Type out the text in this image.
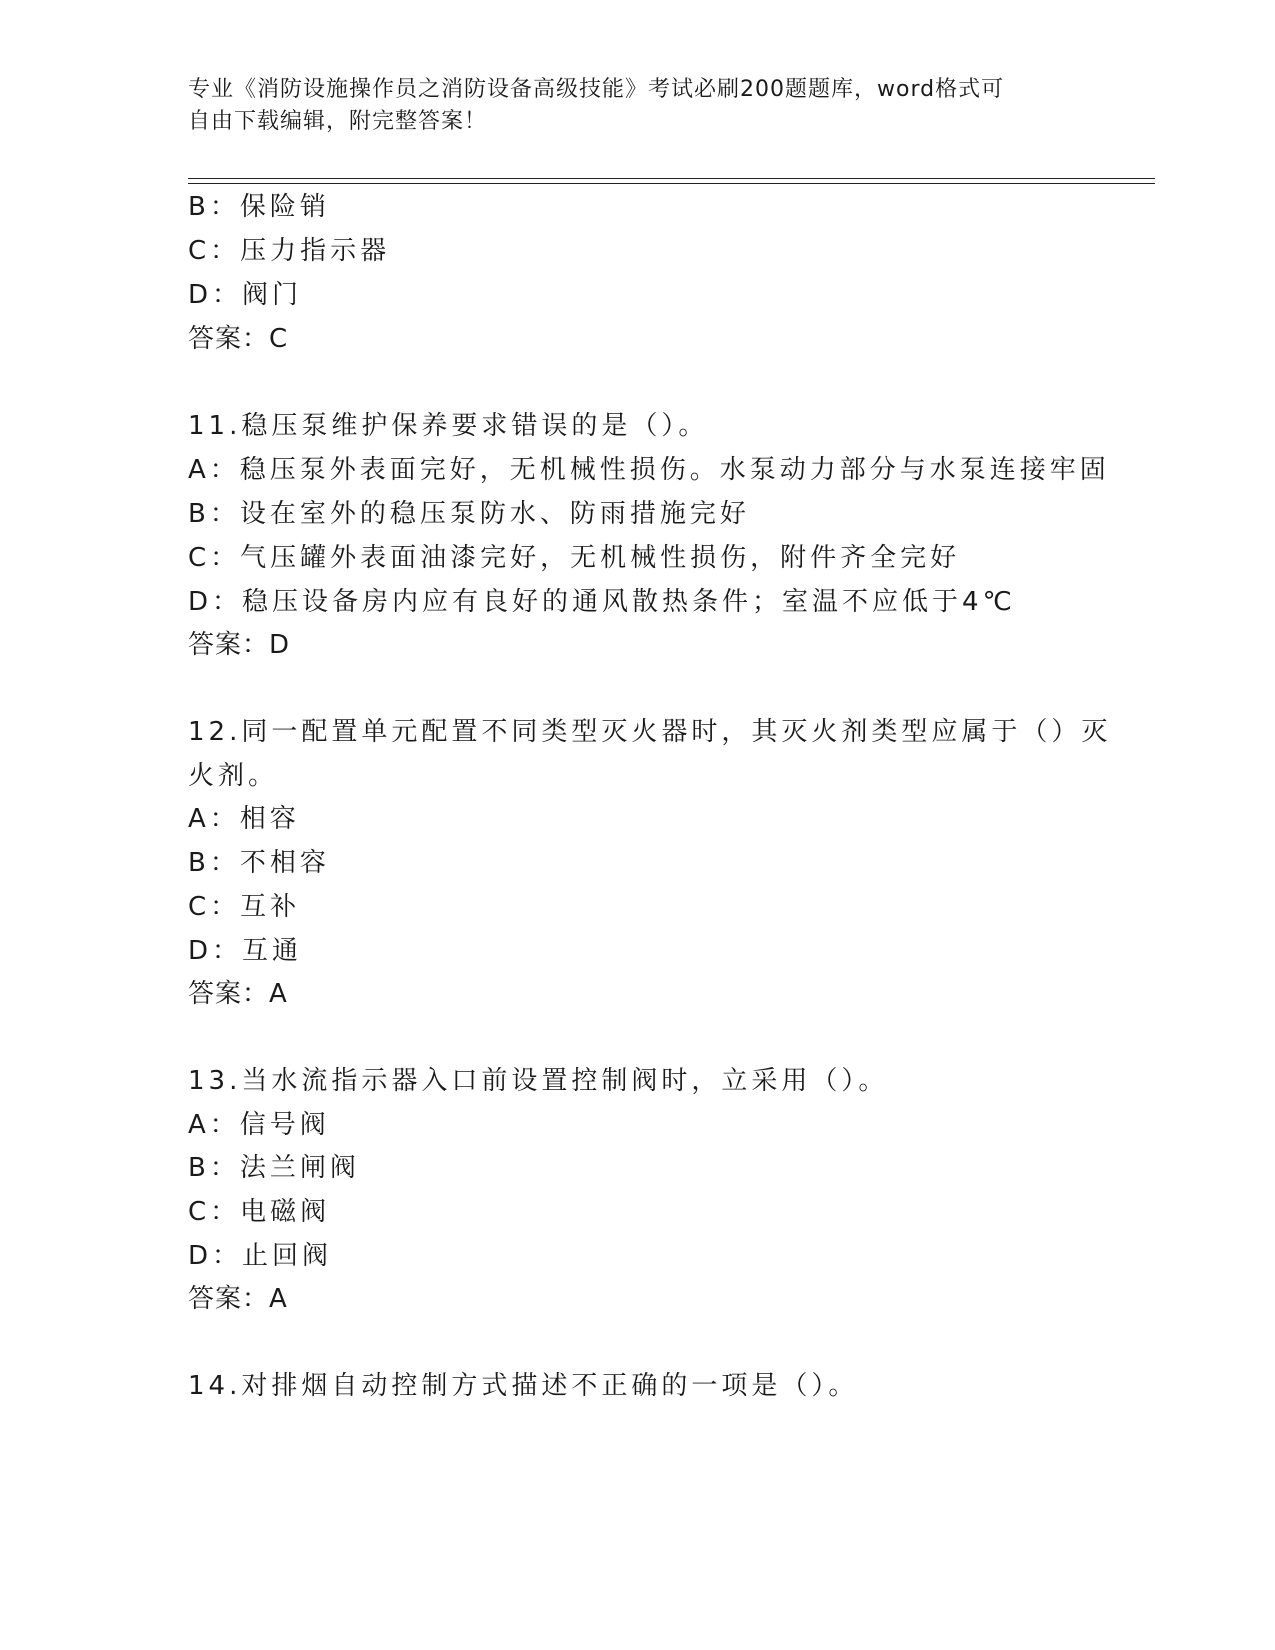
专业《消防设施操作员之消防设备高级技能》考试必刷200题题库，word格式可
自由下载编辑，附完整答案！
B：保险销
C：压力指示器
D：阀门
答案：C
11.稳压泵维护保养要求错误的是（）。
A：稳压泵外表面完好，无机械性损伤。水泵动力部分与水泵连接牢固
B：设在室外的稳压泵防水、防雨措施完好
C：气压罐外表面油漆完好，无机械性损伤，附件齐全完好
D：稳压设备房内应有良好的通风散热条件；室温不应低于4℃
答案：D
12.同一配置单元配置不同类型灭火器时，其灭火剂类型应属于（）灭
火剂。
A：相容
B：不相容
C：互补
D：互通
答案：A
13.当水流指示器入口前设置控制阀时，立采用（）。
A：信号阀
B：法兰闸阀
C：电磁阀
D：止回阀
答案：A
14.对排烟自动控制方式描述不正确的一项是（）。
